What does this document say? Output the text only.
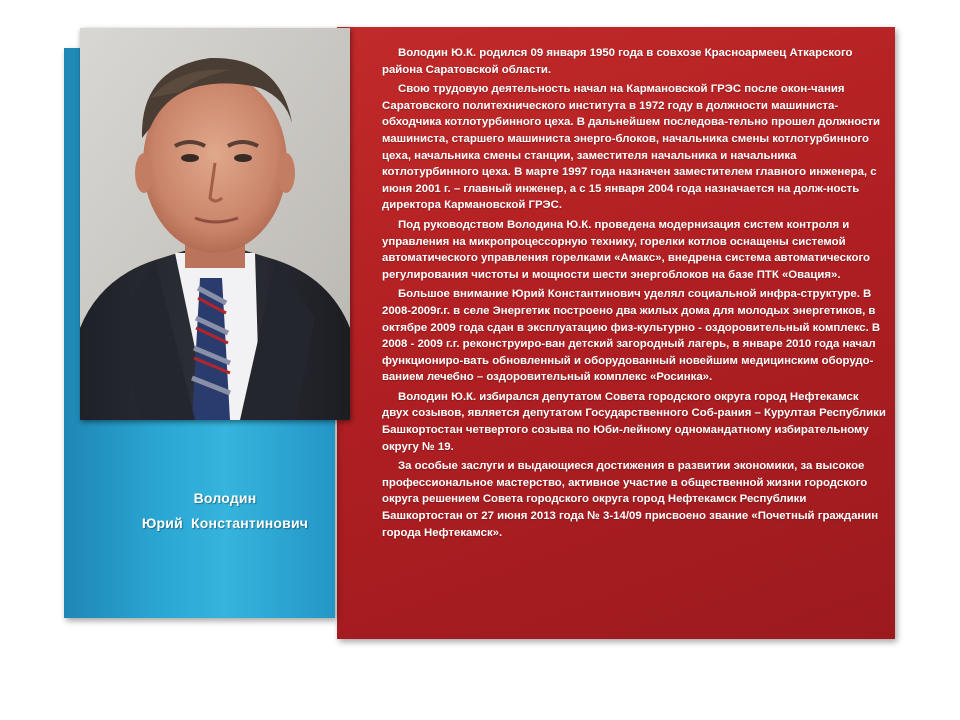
Володин
Юрий  Константинович

Володин Ю.К. родился 09 января 1950 года в совхозе Красноармеец Аткарского района Саратовской области.

Свою трудовую деятельность начал на Кармановской ГРЭС после окон-чания Саратовского политехнического института в 1972 году в должности машиниста-обходчика котлотурбинного цеха. В дальнейшем последова-тельно прошел должности машиниста, старшего машиниста энерго-блоков, начальника смены котлотурбинного цеха, начальника смены станции, заместителя начальника и начальника котлотурбинного цеха. В марте 1997 года назначен заместителем главного инженера, с июня 2001 г. – главный инженер, а с 15 января 2004 года назначается на долж-ность директора Кармановской ГРЭС.

Под руководством Володина Ю.К. проведена модернизация систем контроля и управления на микропроцессорную технику, горелки котлов оснащены системой автоматического управления горелками «Амакс», внедрена система автоматического регулирования чистоты и мощности шести энергоблоков на базе ПТК «Овация».

Большое внимание Юрий Константинович уделял социальной инфра-структуре. В 2008-2009г.г. в селе Энергетик построено два жилых дома для молодых энергетиков, в октябре 2009 года сдан в эксплуатацию физ-культурно - оздоровительный комплекс. В 2008 - 2009 г.г. реконструиро-ван детский загородный лагерь, в январе 2010 года начал функциониро-вать обновленный и оборудованный новейшим медицинским оборудо-ванием лечебно – оздоровительный комплекс «Росинка».

Володин Ю.К. избирался депутатом Совета городского округа город Нефтекамск двух созывов, является депутатом Государственного Соб-рания – Курултая Республики Башкортостан четвертого созыва по Юби-лейному одномандатному избирательному округу № 19.

За особые заслуги и выдающиеся достижения в развитии экономики, за высокое профессиональное мастерство, активное участие в общественной жизни городского округа решением Совета городского округа город Нефтекамск Республики Башкортостан от 27 июня 2013 года № 3-14/09 присвоено звание «Почетный гражданин города Нефтекамск».
